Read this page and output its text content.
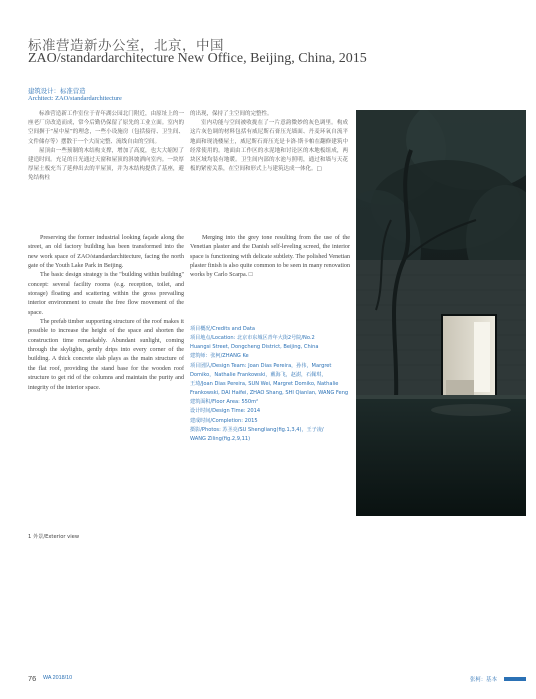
标准营造新办公室，北京，中国
ZAO/standardarchitecture New Office, Beijing, China, 2015
建筑设计：标准营造
Architect: ZAO/standardarchitecture

标准营造新工作室位于青年湖公园北门附近，由原址上的一座老厂房改造而成，常今后勤仍保留了原先的工业立面。室内的空间摒于“屋中屋”的理念，一些小设施房（包括接待、卫生间、文件储存等）摆散于一个大而完整、流线自由的空间。

屋顶由一些预制的木结构支撑，增加了高度，也大大缩短了建造时间。充足的日光通过天窗和屋顶的斜坡洒向室内。一块厚厚屋土板充当了延伸出去的平屋顶，并为木结构提供了基座，避免结构柱

的出现，保持了主空间的完整性。

室内功能与空间被收拢在了一片意韵微妙的灰色调里。构成这片灰色调的材料包括有威尼斯石膏压光墙面、丹麦环氧自流平地面和现浇楼屋土，威尼斯石膏压光是卡洛·斯卡帕在翻修建筑中经常使用的。地面由工作区的水泥地和讨论区的木地板组成，两块区域均装有地暖。卫生间内部的水池与照明，通过和墙与天花板的紧密关系，在空间和形式上与建筑达成一体化。□

Preserving the former industrial looking façade along the street, an old factory building has been transformed into the new work space of ZAO/standardarchitecture, facing the north gate of the Youth Lake Park in Beijing.

The basic design strategy is the "building within building" concept: several facility rooms (e.g. reception, toilet, and storage) floating and scattering within the gross prevailing interior environment to create the free flow movement of the space.

The prefab timber supporting structure of the roof makes it possible to increase the height of the space and shorten the construction time remarkably. Abundant sunlight, coming through the skylights, gently drips into every corner of the building. A thick concrete slab plays as the main structure of the flat roof, providing the stand base for the wooden roof structure to get rid of the columns and maintain the purity and integrity of the interior space.

Merging into the grey tone resulting from the use of the Venetian plaster and the Danish self-leveling screed, the interior space is functioning with delicate subtlety. The polished Venetian plaster finish is also quite common to be seen in many renovation works by Carlo Scarpa. □

项目概况/Credits and Data
项目地点/Location: 北京市东城区青年大街2号院/No.2
Huangsi Street, Dongcheng District, Beijing, China
建筑师：张柯/ZHANG Ke
项目团队/Design Team: Joan Dias Pereira，孙伟，Margret
Domiko，Nathalie Frankowski，戴海飞，赵澍，石佩琪，
王琦/Joan Dias Pereira, SUN Wei, Margret Domiko, Nathalie
Frankowski, DAI Haifei, ZHAO Shang, SHI Qianlan, WANG Feng
建筑面积/Floor Area: 550m²
设计时间/Design Time: 2014
建成时间/Completion: 2015
摄影/Photos: 苏圣亮/SU Shengliang(fig.1,3,4)，王子凌/
WANG Ziling(fig.2,9,11)
1 外景/Exterior view
76 WA 2018/10	张柯：基本
